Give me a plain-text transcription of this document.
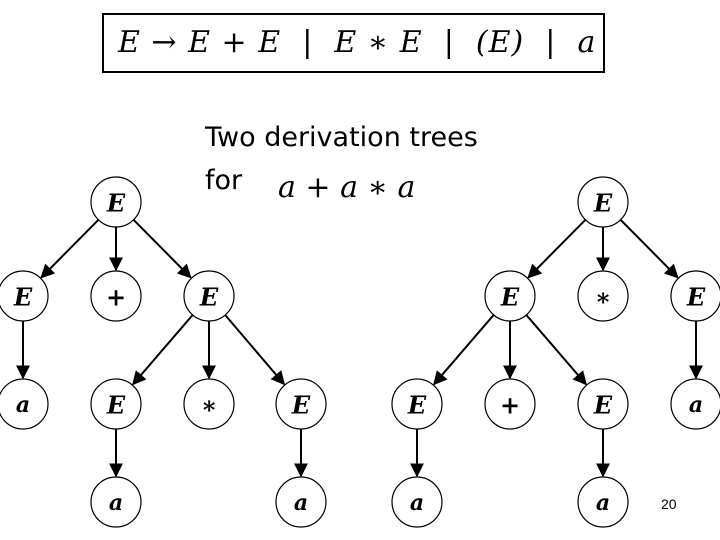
E → E + E  |  E ∗ E  |  (E)  |  a
Two derivation trees
for a + a ∗ a
E
E	+	E
a	E	∗	E
a	a
E
E	∗	E
a
E	+	E
a	a	20
